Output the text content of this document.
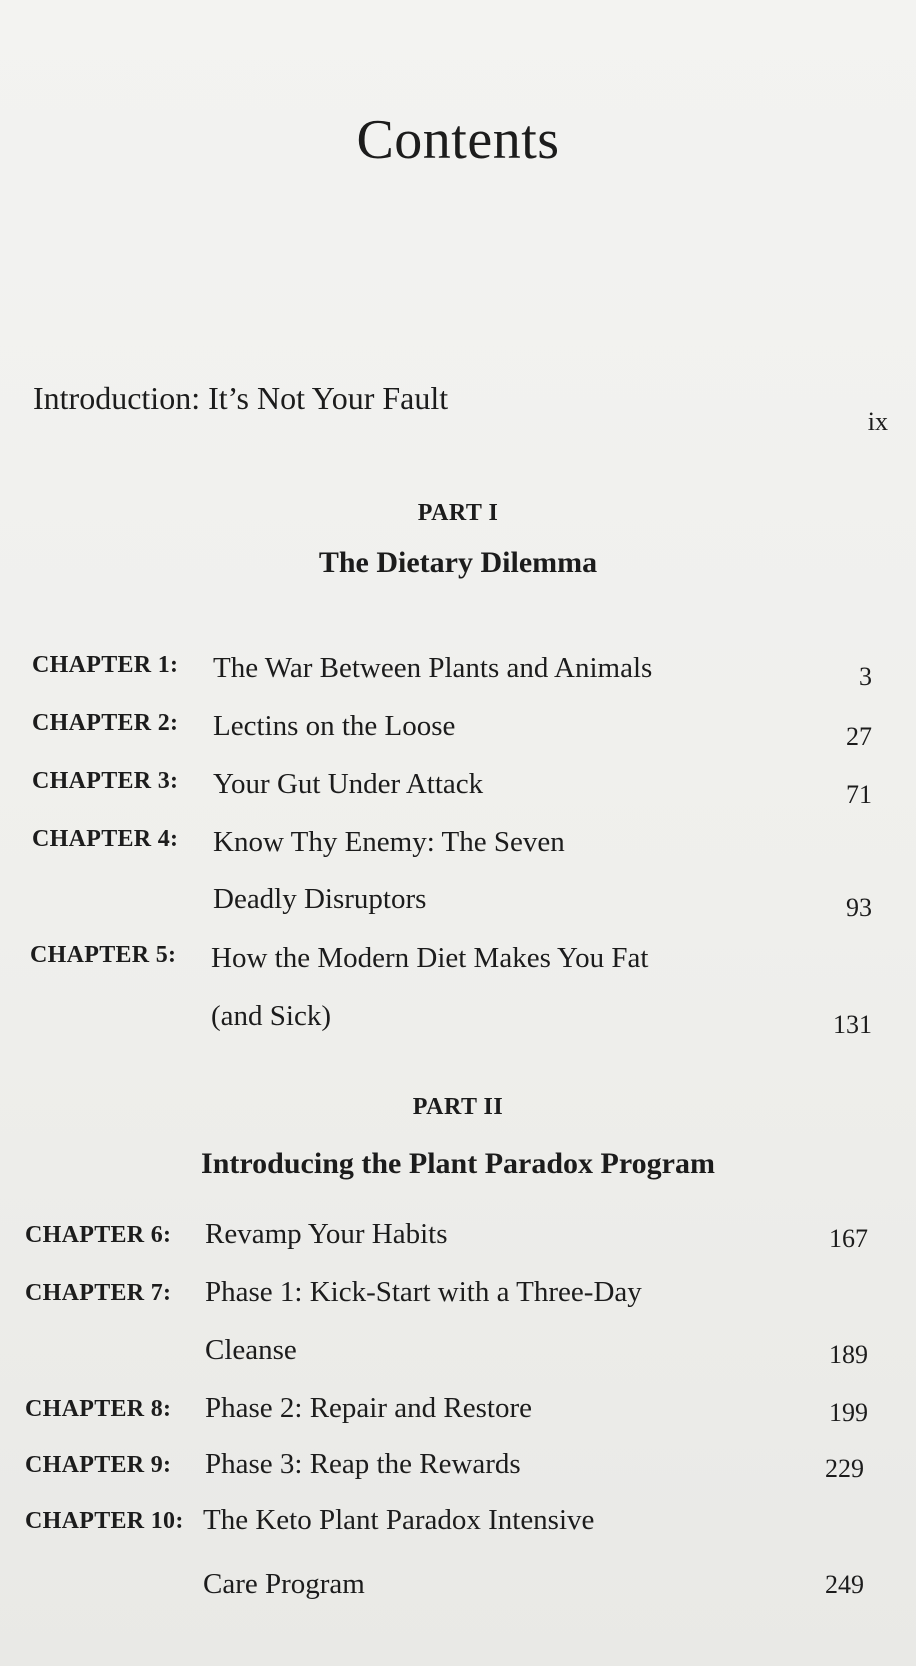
Contents
Introduction: It’s Not Your Fault
ix
PART I
The Dietary Dilemma
CHAPTER 1: The War Between Plants and Animals	3
CHAPTER 2: Lectins on the Loose	27
CHAPTER 3: Your Gut Under Attack	71
CHAPTER 4: Know Thy Enemy: The Seven
Deadly Disruptors	93
CHAPTER 5: How the Modern Diet Makes You Fat
(and Sick)	131
PART II
Introducing the Plant Paradox Program
CHAPTER 6: Revamp Your Habits	167
CHAPTER 7: Phase 1: Kick-Start with a Three-Day
Cleanse	189
CHAPTER 8: Phase 2: Repair and Restore	199
CHAPTER 9: Phase 3: Reap the Rewards	229
CHAPTER 10: The Keto Plant Paradox Intensive
Care Program	249
